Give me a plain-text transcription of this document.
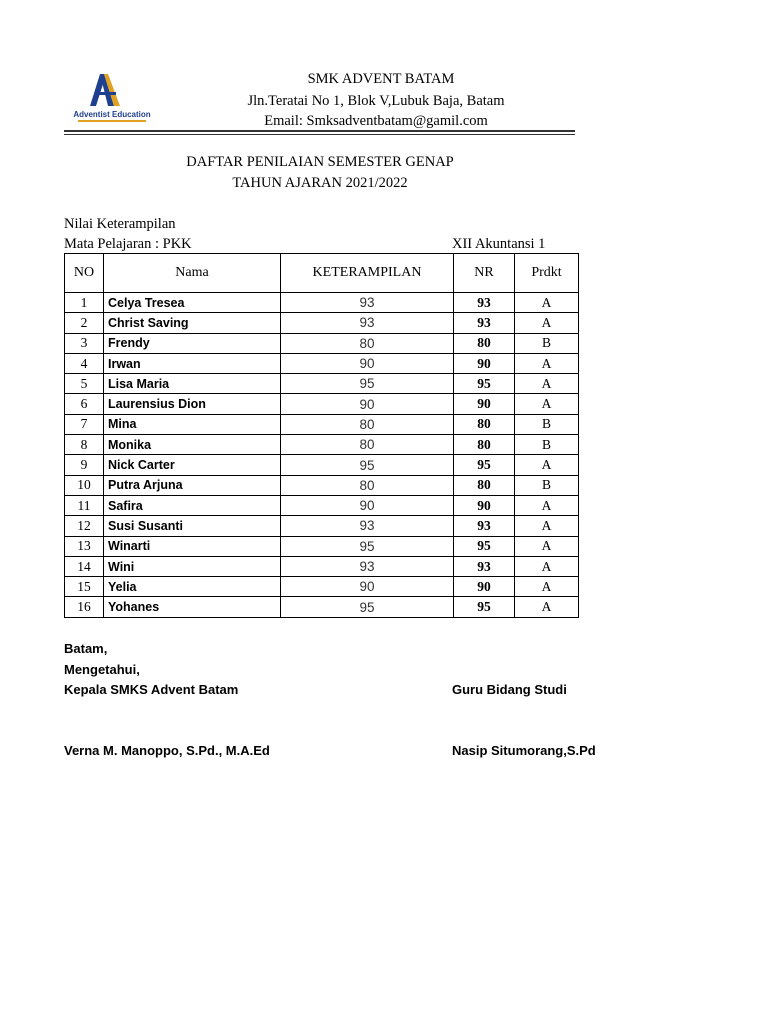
Adventist Education
SMK ADVENT BATAM
Jln.Teratai No 1, Blok V,Lubuk Baja, Batam
Email: Smksadventbatam@gamil.com
DAFTAR PENILAIAN SEMESTER GENAP
TAHUN AJARAN 2021/2022
Nilai Keterampilan
Mata Pelajaran : PKK	XII Akuntansi 1
NO	Nama	KETERAMPILAN	NR	Prdkt
1	Celya Tresea	93	93	A
2	Christ Saving	93	93	A
3	Frendy	80	80	B
4	Irwan	90	90	A
5	Lisa Maria	95	95	A
6	Laurensius Dion	90	90	A
7	Mina	80	80	B
8	Monika	80	80	B
9	Nick Carter	95	95	A
10	Putra Arjuna	80	80	B
11	Safira	90	90	A
12	Susi Susanti	93	93	A
13	Winarti	95	95	A
14	Wini	93	93	A
15	Yelia	90	90	A
16	Yohanes	95	95	A
Batam,
Mengetahui,
Kepala SMKS Advent Batam	Guru Bidang Studi
Verna M. Manoppo, S.Pd., M.A.Ed	Nasip Situmorang,S.Pd
